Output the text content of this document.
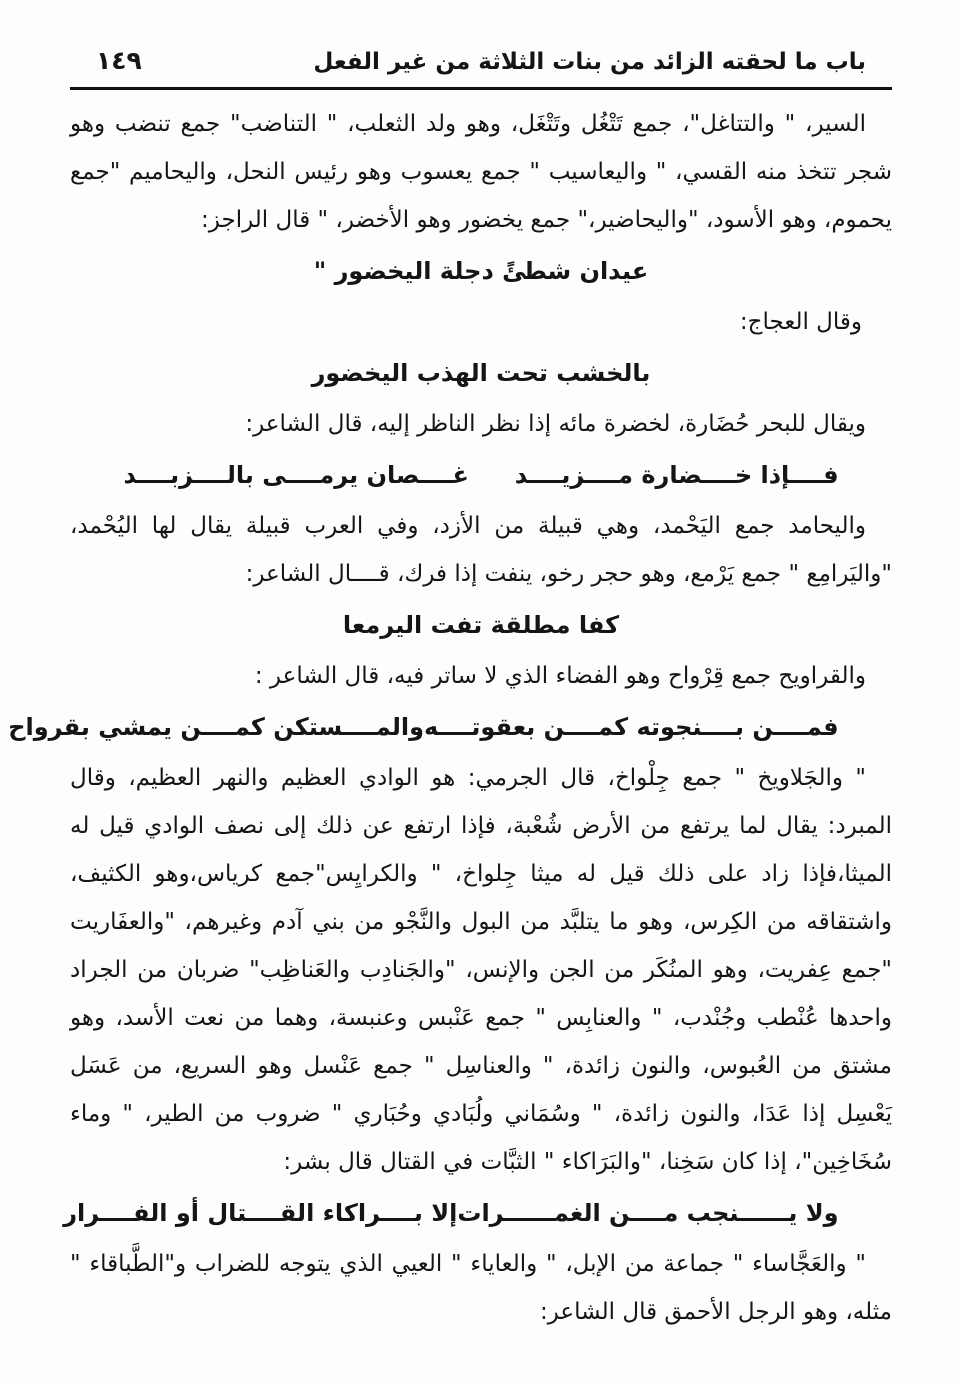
١٤٩	باب ما لحقته الزائد من بنات الثلاثة من غير الفعل

السير، " والتتاغل"، جمع تَتْغُل وتَتْغَل، وهو ولد الثعلب، " التناضب" جمع تنضب وهو شجر تتخذ منه القسي، " واليعاسيب " جمع يعسوب وهو رئيس النحل، واليحاميم "جمع يحموم، وهو الأسود، "واليحاضير،" جمع يخضور وهو الأخضر، " قال الراجز:

عيدان شطئً دجلة اليخضور "

وقال العجاج:

بالخشب تحت الهذب اليخضور

ويقال للبحر حُضَارة، لخضرة مائه إذا نظر الناظر إليه، قال الشاعر:

فــــإذا خــــضارة مــــزيــــد
غــــصان يرمــــى بالــــزبــــد

واليحامد جمع اليَحْمد، وهي قبيلة من الأزد، وفي العرب قبيلة يقال لها اليُحْمد، "واليَرامِع " جمع يَرْمع، وهو حجر رخو، ينفت إذا فرك، قــــال الشاعر:

كفا مطلقة تفت اليرمعا

والقراويح جمع قِرْواح وهو الفضاء الذي لا ساتر فيه، قال الشاعر :

فمــــن بــــنجوته كمــــن بعقوتــــه
والمــــستكن كمــــن يمشي بقرواح

" والجَلاويخ " جمع جِلْواخ، قال الجرمي: هو الوادي العظيم والنهر العظيم، وقال المبرد: يقال لما يرتفع من الأرض شُعْبة، فإذا ارتفع عن ذلك إلى نصف الوادي قيل له الميثا،فإذا زاد على ذلك قيل له ميثا جِلواخ، " والكرايِس"جمع كرياس،وهو الكثيف، واشتقاقه من الكِرس، وهو ما يتلبَّد من البول والنَّجْو من بني آدم وغيرهم، "والعفَاريت "جمع عِفريت، وهو المنُكَر من الجن والإنس، "والجَنادِب والعَناظِب" ضربان من الجراد واحدها عُنْطب وجُنْدب، " والعنابِس " جمع عَنْبس وعنبسة، وهما من نعت الأسد، وهو مشتق من العُبوس، والنون زائدة، " والعناسِل " جمع عَنْسل وهو السريع، من عَسَل يَعْسِل إذا عَدَا، والنون زائدة، " وسُمَاني ولُبَادي وحُبَاري " ضروب من الطير، " وماء سُخَاخِين"، إذا كان سَخِنا، "والبَرَاكاء " الثبَّات في القتال قال بشر:

ولا يــــــنجب مــــن الغمــــــرات
إلا بــــراكاء القــــتال أو الفــــرار

" والعَجَّاساء " جماعة من الإبل، " والعاياء " العيي الذي يتوجه للضراب و"الطَّباقاء " مثله، وهو الرجل الأحمق قال الشاعر:
